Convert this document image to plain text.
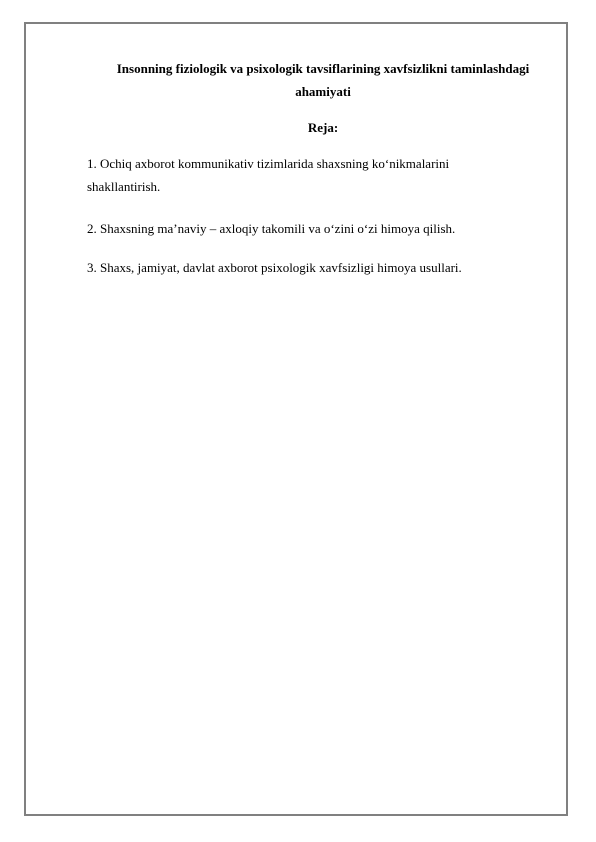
Insonning fiziologik va psixologik tavsiflarining xavfsizlikni taminlashdagi ahamiyati
Reja:
1. Ochiq axborot kommunikativ tizimlarida shaxsning ko‘nikmalarini shakllantirish.
2. Shaxsning ma’naviy – axloqiy takomili va o‘zini o‘zi himoya qilish.
3. Shaxs, jamiyat, davlat axborot psixologik xavfsizligi himoya usullari.
